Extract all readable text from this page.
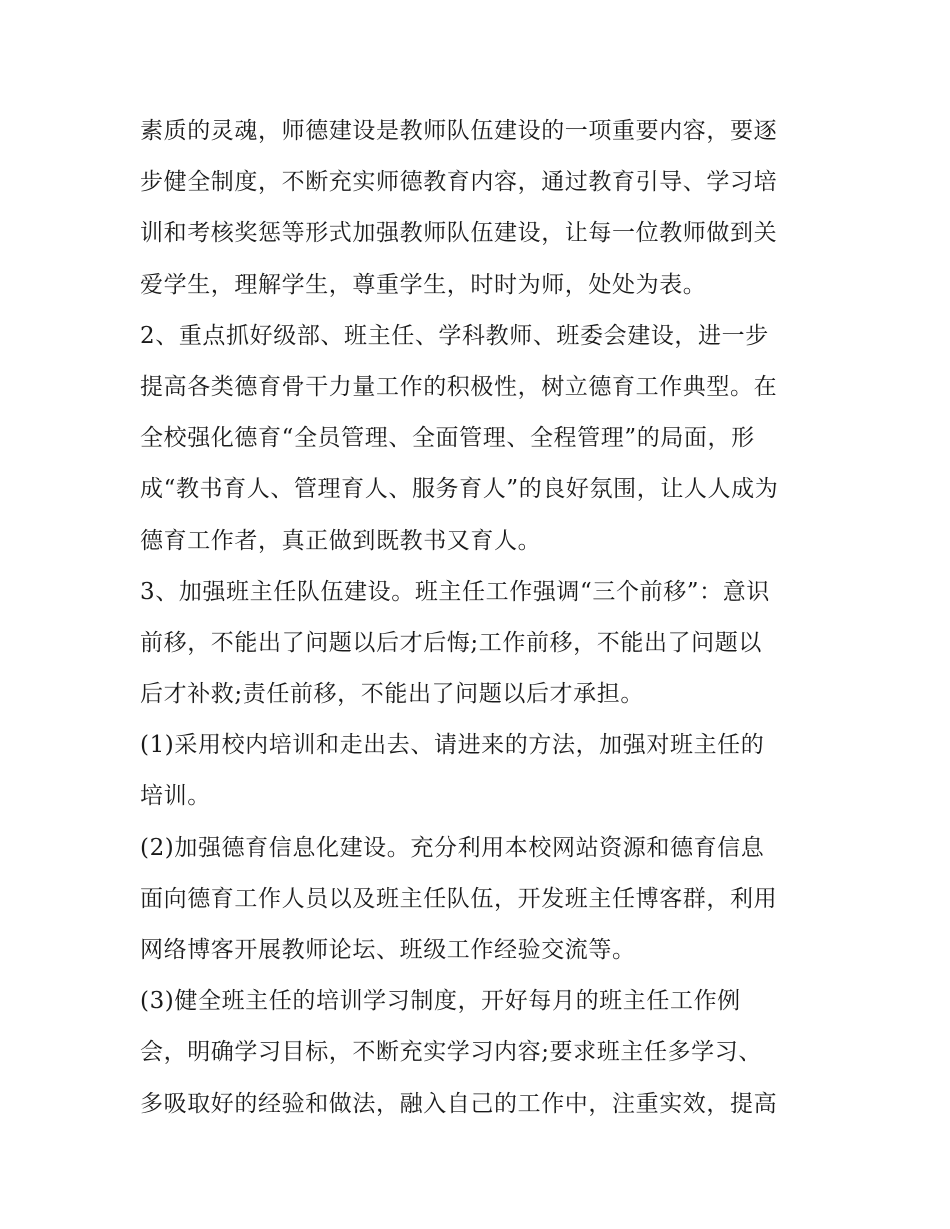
素质的灵魂，师德建设是教师队伍建设的一项重要内容，要逐
步健全制度，不断充实师德教育内容，通过教育引导、学习培
训和考核奖惩等形式加强教师队伍建设，让每一位教师做到关
爱学生，理解学生，尊重学生，时时为师，处处为表。
2、重点抓好级部、班主任、学科教师、班委会建设，进一步
提高各类德育骨干力量工作的积极性，树立德育工作典型。在
全校强化德育“全员管理、全面管理、全程管理”的局面，形
成“教书育人、管理育人、服务育人”的良好氛围，让人人成为
德育工作者，真正做到既教书又育人。
3、加强班主任队伍建设。班主任工作强调“三个前移”：意识
前移，不能出了问题以后才后悔;工作前移，不能出了问题以
后才补救;责任前移，不能出了问题以后才承担。
(1)采用校内培训和走出去、请进来的方法，加强对班主任的
培训。
(2)加强德育信息化建设。充分利用本校网站资源和德育信息
面向德育工作人员以及班主任队伍，开发班主任博客群，利用
网络博客开展教师论坛、班级工作经验交流等。
(3)健全班主任的培训学习制度，开好每月的班主任工作例
会，明确学习目标，不断充实学习内容;要求班主任多学习、
多吸取好的经验和做法，融入自己的工作中，注重实效，提高
